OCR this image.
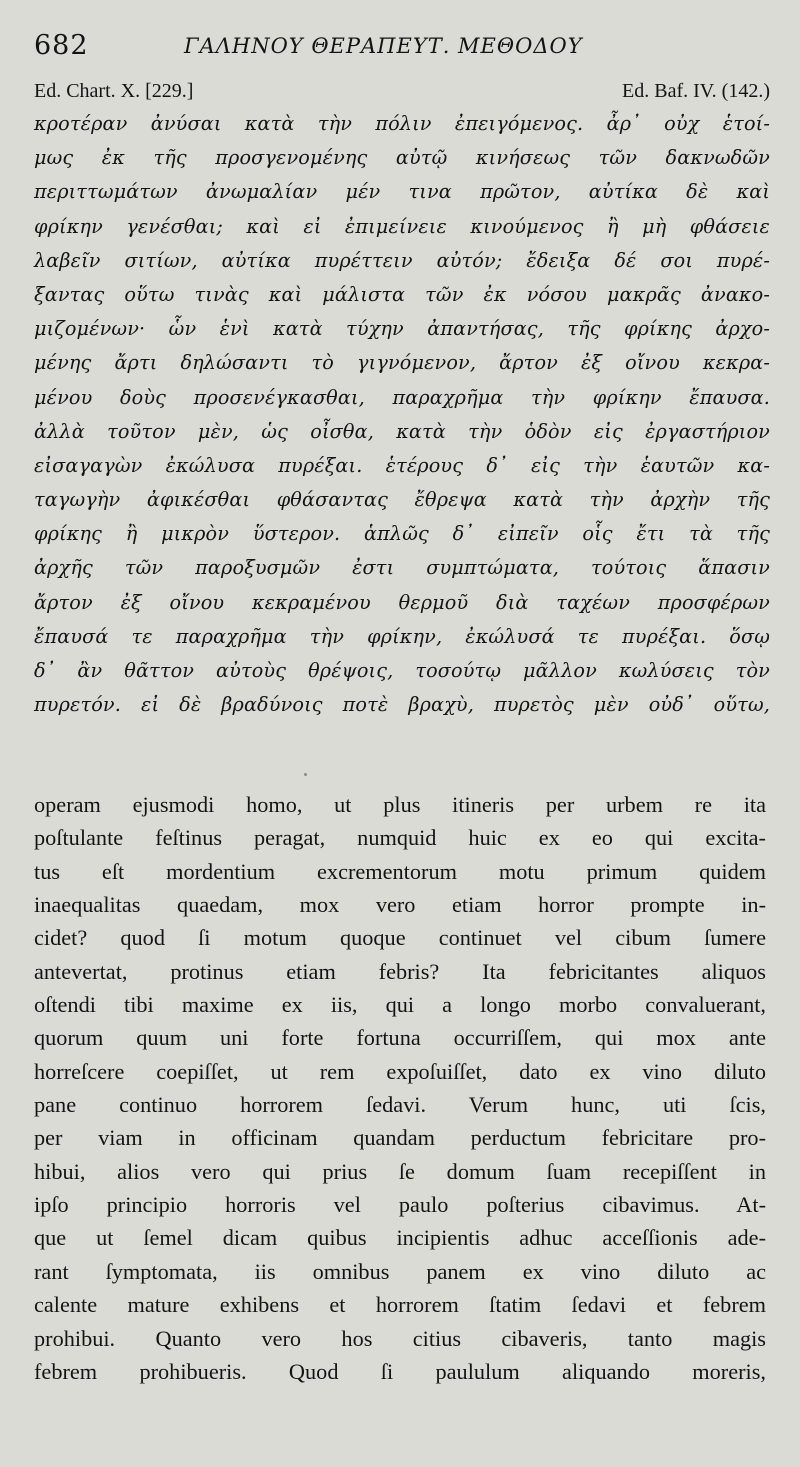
682	ΓΑΛΗΝΟΥ ΘΕΡΑΠΕΥΤ. ΜΕΘΟΔΟΥ
Ed. Chart. X. [229.]	Ed. Baf. IV. (142.)
κροτέραν ἀνύσαι κατὰ τὴν πόλιν ἐπειγόμενος. ἆρ᾽ οὐχ ἑτοί-
μως ἐκ τῆς προσγενομένης αὐτῷ κινήσεως τῶν δακνωδῶν
περιττωμάτων ἀνωμαλίαν μέν τινα πρῶτον, αὐτίκα δὲ καὶ
φρίκην γενέσθαι; καὶ εἰ ἐπιμείνειε κινούμενος ἢ μὴ φθάσειε
λαβεῖν σιτίων, αὐτίκα πυρέττειν αὐτόν; ἔδειξα δέ σοι πυρέ-
ξαντας οὕτω τινὰς καὶ μάλιστα τῶν ἐκ νόσου μακρᾶς ἀνακο-
μιζομένων· ὧν ἑνὶ κατὰ τύχην ἀπαντήσας, τῆς φρίκης ἀρχο-
μένης ἄρτι δηλώσαντι τὸ γιγνόμενον, ἄρτον ἐξ οἴνου κεκρα-
μένου δοὺς προσενέγκασθαι, παραχρῆμα τὴν φρίκην ἔπαυσα.
ἀλλὰ τοῦτον μὲν, ὡς οἶσθα, κατὰ τὴν ὁδὸν εἰς ἐργαστήριον
εἰσαγαγὼν ἐκώλυσα πυρέξαι. ἑτέρους δ᾽ εἰς τὴν ἑαυτῶν κα-
ταγωγὴν ἀφικέσθαι φθάσαντας ἔθρεψα κατὰ τὴν ἀρχὴν τῆς
φρίκης ἢ μικρὸν ὕστερον. ἁπλῶς δ᾽ εἰπεῖν οἷς ἔτι τὰ τῆς
ἀρχῆς τῶν παροξυσμῶν ἐστι συμπτώματα, τούτοις ἅπασιν
ἄρτον ἐξ οἴνου κεκραμένου θερμοῦ διὰ ταχέων προσφέρων
ἔπαυσά τε παραχρῆμα τὴν φρίκην, ἐκώλυσά τε πυρέξαι. ὅσῳ
δ᾽ ἂν θᾶττον αὐτοὺς θρέψοις, τοσούτῳ μᾶλλον κωλύσεις τὸν
πυρετόν. εἰ δὲ βραδύνοις ποτὲ βραχὺ, πυρετὸς μὲν οὐδ᾽ οὕτω,
operam ejusmodi homo, ut plus itineris per urbem re ita
poſtulante feſtinus peragat, numquid huic ex eo qui excita-
tus eſt mordentium excrementorum motu primum quidem
inaequalitas quaedam, mox vero etiam horror prompte in-
cidet? quod ſi motum quoque continuet vel cibum ſumere
antevertat, protinus etiam febris? Ita febricitantes aliquos
oſtendi tibi maxime ex iis, qui a longo morbo convaluerant,
quorum quum uni forte fortuna occurriſſem, qui mox ante
horreſcere coepiſſet, ut rem expoſuiſſet, dato ex vino diluto
pane continuo horrorem ſedavi. Verum hunc, uti ſcis,
per viam in officinam quandam perductum febricitare pro-
hibui, alios vero qui prius ſe domum ſuam recepiſſent in
ipſo principio horroris vel paulo poſterius cibavimus. At-
que ut ſemel dicam quibus incipientis adhuc acceſſionis ade-
rant ſymptomata, iis omnibus panem ex vino diluto ac
calente mature exhibens et horrorem ſtatim ſedavi et febrem
prohibui. Quanto vero hos citius cibaveris, tanto magis
febrem prohibueris. Quod ſi paululum aliquando moreris,
